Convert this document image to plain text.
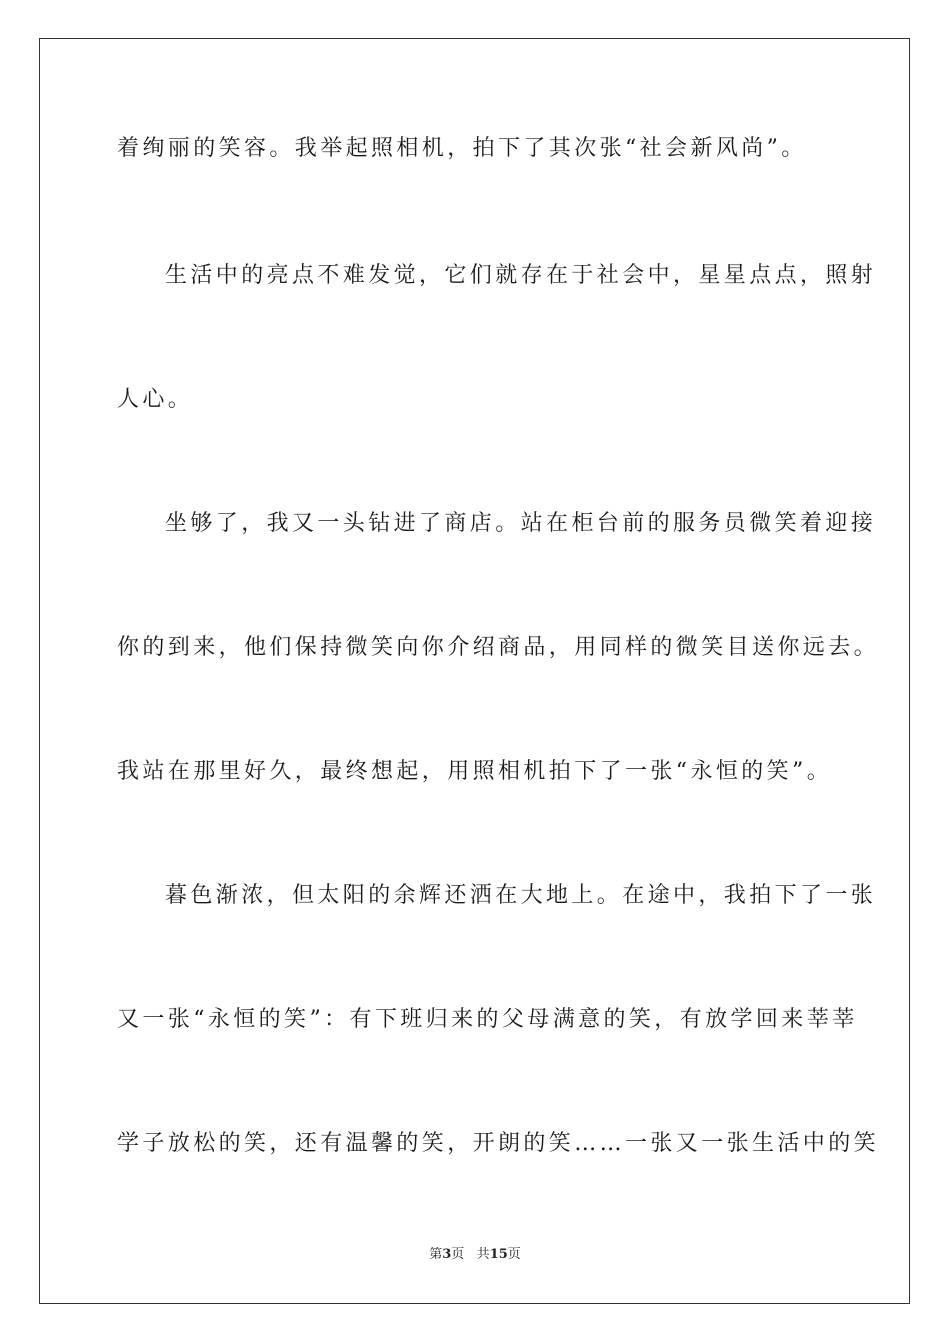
着绚丽的笑容。我举起照相机，拍下了其次张“社会新风尚”。
生活中的亮点不难发觉，它们就存在于社会中，星星点点，照射
人心。
坐够了，我又一头钻进了商店。站在柜台前的服务员微笑着迎接
你的到来，他们保持微笑向你介绍商品，用同样的微笑目送你远去。
我站在那里好久，最终想起，用照相机拍下了一张“永恒的笑”。
暮色渐浓，但太阳的余辉还洒在大地上。在途中，我拍下了一张
又一张“永恒的笑”：有下班归来的父母满意的笑，有放学回来莘莘
学子放松的笑，还有温馨的笑，开朗的笑……一张又一张生活中的笑
第3页 共15页
